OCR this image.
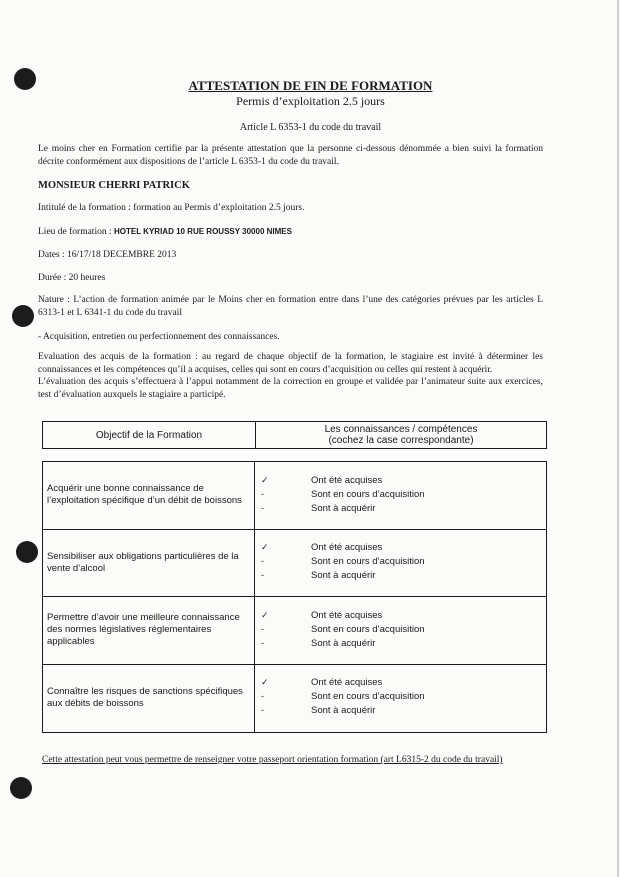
ATTESTATION DE FIN DE FORMATION
Permis d’exploitation 2.5 jours
Article L 6353-1 du code du travail
Le moins cher en Formation certifie par la présente attestation que la personne ci-dessous dénommée a bien suivi la formation décrite conformément aux dispositions de l’article L 6353-1 du code du travail.
MONSIEUR CHERRI PATRICK
Intitulé de la formation : formation au Permis d’exploitation 2.5 jours.
Lieu de formation : HOTEL KYRIAD 10 RUE ROUSSY 30000 NIMES
Dates : 16/17/18 DECEMBRE 2013
Durée : 20 heures
Nature : L’action de formation animée par le Moins cher en formation entre dans l’une des catégories prévues par les articles L 6313-1 et L 6341-1 du code du travail
- Acquisition, entretien ou perfectionnement des connaissances.
Evaluation des acquis de la formation : au regard de chaque objectif de la formation, le stagiaire est invité à déterminer les connaissances et les compétences qu’il a acquises, celles qui sont en cours d’acquisition ou celles qui restent à acquérir.
L’évaluation des acquis s’effectuera à l’appui notamment de la correction en groupe et validée par l’animateur suite aux exercices, test d’évaluation auxquels le stagiaire a participé.
Objectif de la Formation	Les connaissances / compétences
(cochez la case correspondante)
Acquérir une bonne connaissance de l’exploitation spécifique d’un débit de boissons
✓	Ont été acquises
-	Sont en cours d’acquisition
-	Sont à acquérir
Sensibiliser aux obligations particulières de la vente d’alcool
✓	Ont été acquises
-	Sont en cours d’acquisition
-	Sont à acquérir
Permettre d’avoir une meilleure connaissance des normes législatives réglementaires applicables
✓	Ont été acquises
-	Sont en cours d’acquisition
-	Sont à acquérir
Connaître les risques de sanctions spécifiques aux débits de boissons
✓	Ont été acquises
-	Sont en cours d’acquisition
-	Sont à acquérir
Cette attestation peut vous permettre de renseigner votre passeport orientation formation (art L6315-2 du code du travail)
